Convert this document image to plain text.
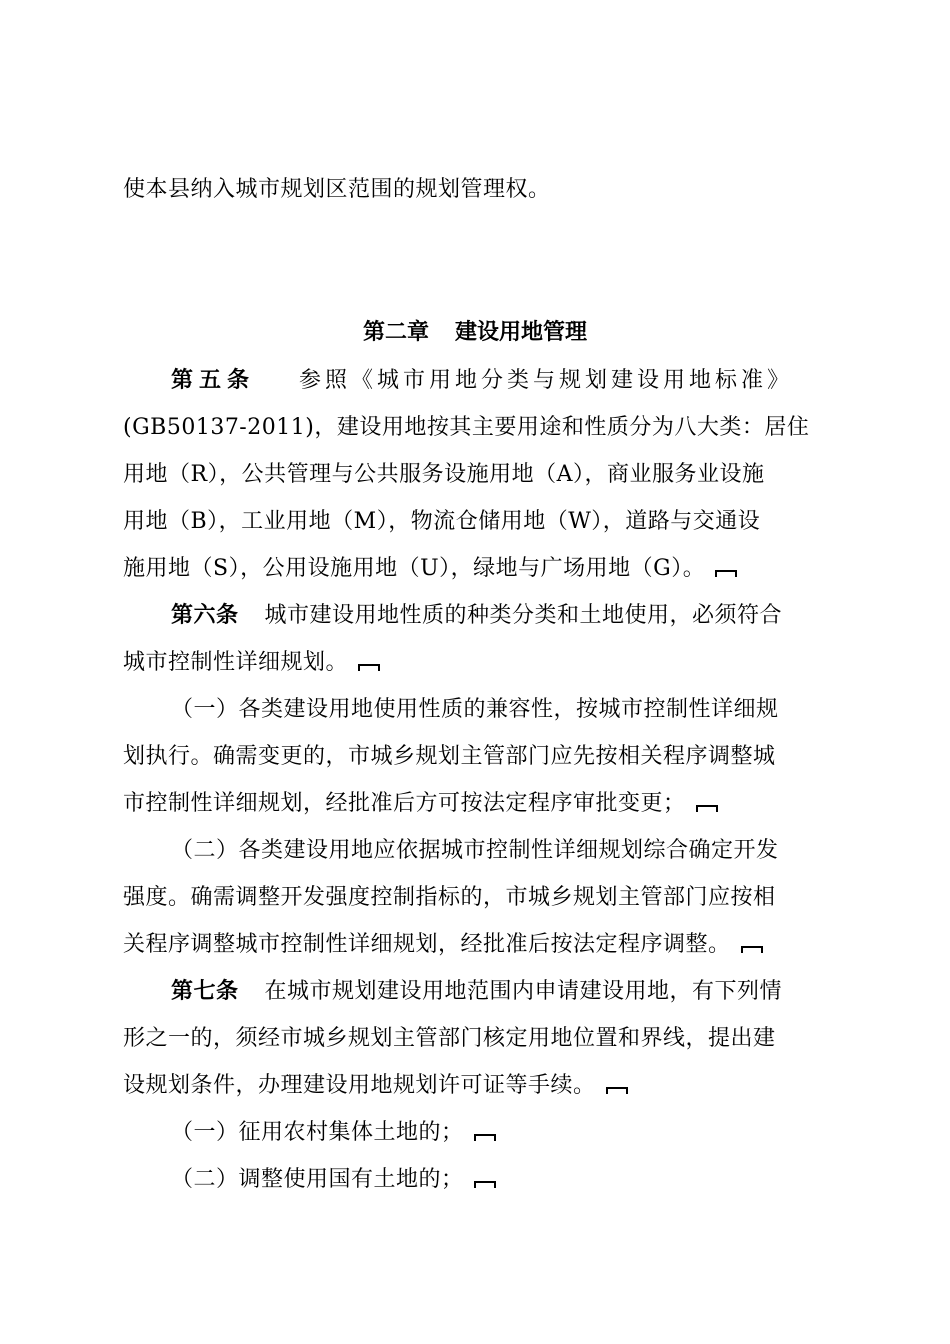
使本县纳入城市规划区范围的规划管理权。
第二章 建设用地管理
第五条 参照《城市用地分类与规划建设用地标准》
(GB50137-2011)，建设用地按其主要用途和性质分为八大类：居住
用地（R），公共管理与公共服务设施用地（A），商业服务业设施
用地（B），工业用地（M），物流仓储用地（W），道路与交通设
施用地（S），公用设施用地（U），绿地与广场用地（G）。
第六条 城市建设用地性质的种类分类和土地使用，必须符合
城市控制性详细规划。
（一）各类建设用地使用性质的兼容性，按城市控制性详细规
划执行。确需变更的，市城乡规划主管部门应先按相关程序调整城
市控制性详细规划，经批准后方可按法定程序审批变更；
（二）各类建设用地应依据城市控制性详细规划综合确定开发
强度。确需调整开发强度控制指标的，市城乡规划主管部门应按相
关程序调整城市控制性详细规划，经批准后按法定程序调整。
第七条 在城市规划建设用地范围内申请建设用地，有下列情
形之一的，须经市城乡规划主管部门核定用地位置和界线，提出建
设规划条件，办理建设用地规划许可证等手续。
（一）征用农村集体土地的；
（二）调整使用国有土地的；
